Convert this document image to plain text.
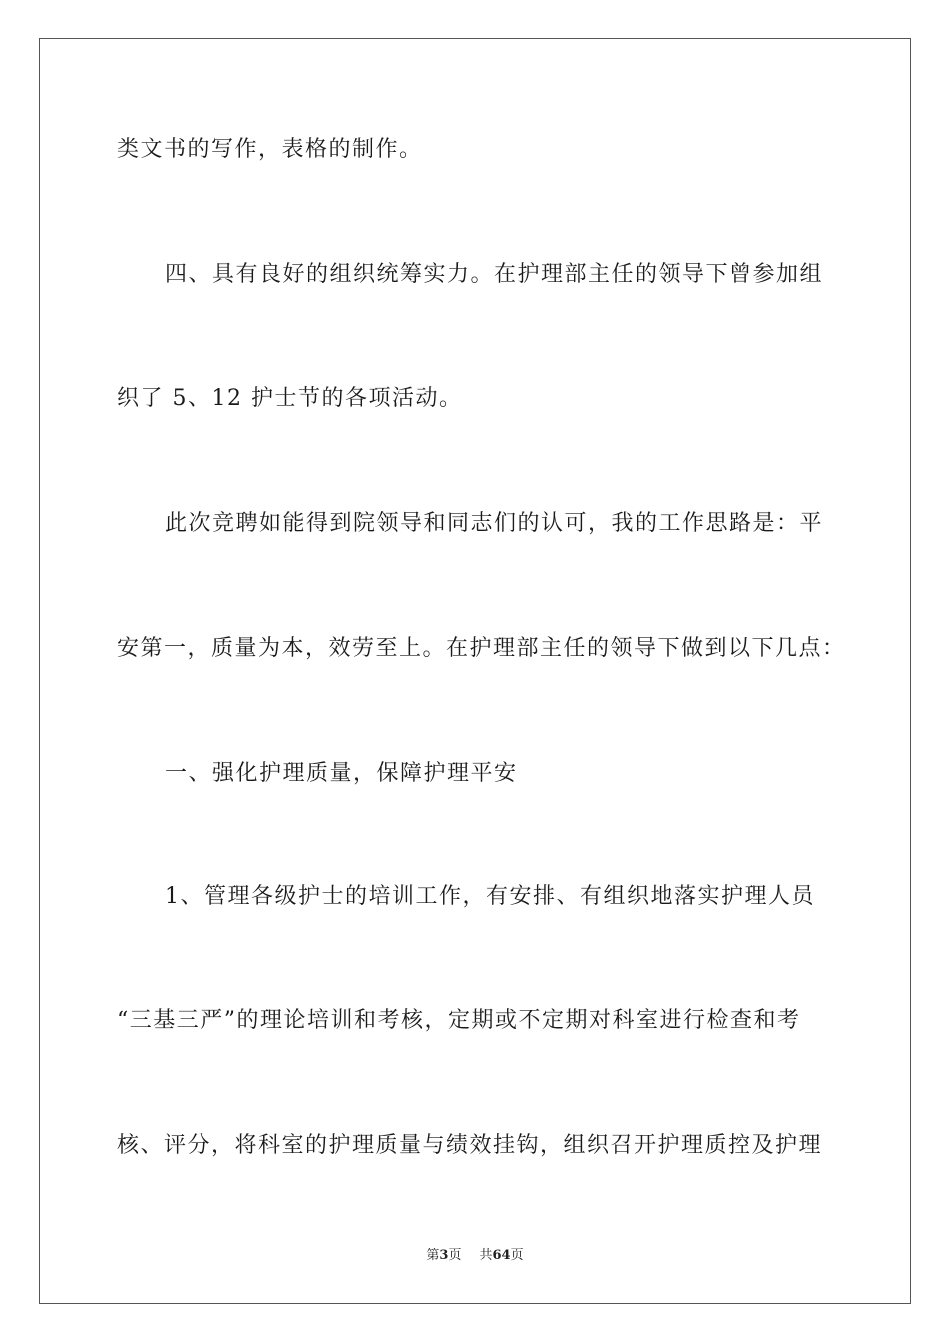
类文书的写作，表格的制作。
四、具有良好的组织统筹实力。在护理部主任的领导下曾参加组
织了 5、12 护士节的各项活动。
此次竞聘如能得到院领导和同志们的认可，我的工作思路是：平
安第一，质量为本，效劳至上。在护理部主任的领导下做到以下几点：
一、强化护理质量，保障护理平安
1、管理各级护士的培训工作，有安排、有组织地落实护理人员
“三基三严”的理论培训和考核，定期或不定期对科室进行检查和考
核、评分，将科室的护理质量与绩效挂钩，组织召开护理质控及护理
第3页 共64页
